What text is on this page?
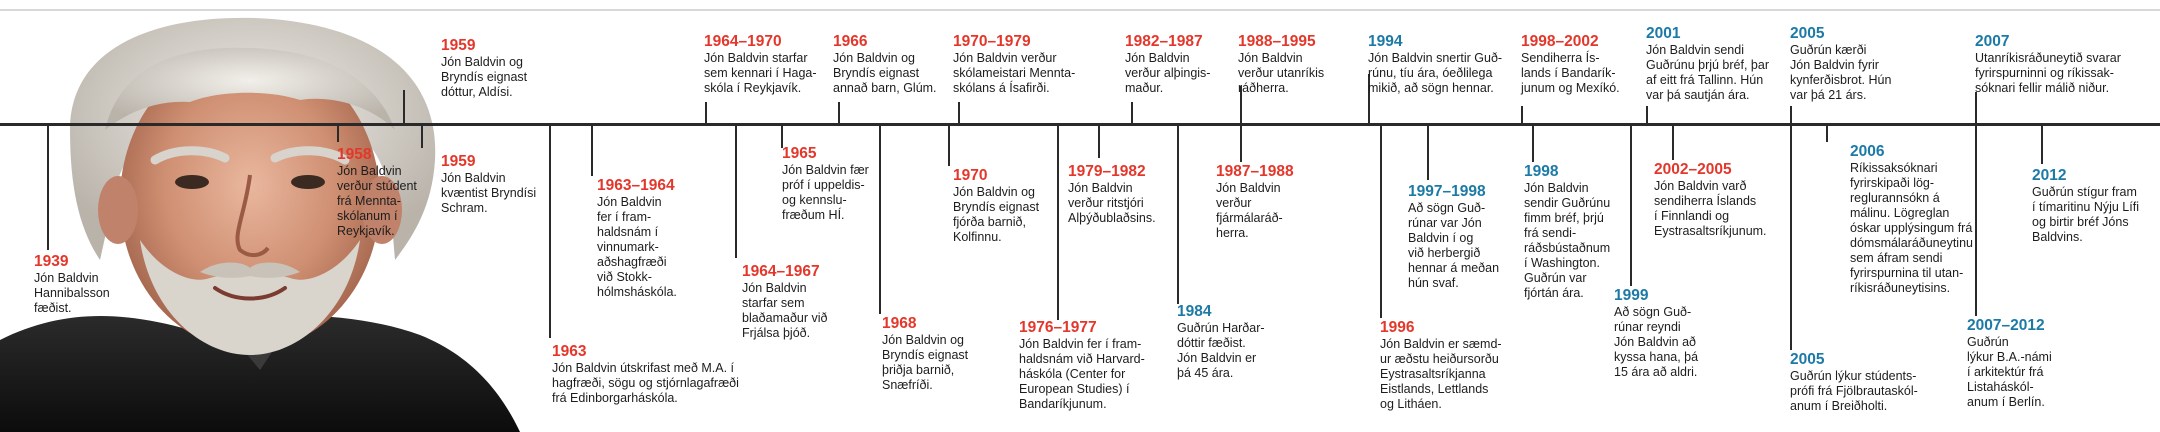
1939
Jón Baldvin
Hannibalsson
fæðist.
1958
Jón Baldvin
verður stúdent
frá Mennta-
skólanum í
Reykjavík.
1959
Jón Baldvin og
Bryndís eignast
dóttur, Aldísi.
1959
Jón Baldvin
kvæntist Bryndísi
Schram.
1963
Jón Baldvin útskrifast með M.A. í
hagfræði, sögu og stjórnlagafræði
frá Edinborgarháskóla.
1963–1964
Jón Baldvin
fer í fram-
haldsnám í
vinnumark-
aðshagfræði
við Stokk-
hólmsháskóla.
1964–1970
Jón Baldvin starfar
sem kennari í Haga-
skóla í Reykjavík.
1964–1967
Jón Baldvin
starfar sem
blaðamaður við
Frjálsa þjóð.
1965
Jón Baldvin fær
próf í uppeldis-
og kennslu-
fræðum HÍ.
1966
Jón Baldvin og
Bryndís eignast
annað barn, Glúm.
1968
Jón Baldvin og
Bryndís eignast
þriðja barnið,
Snæfríði.
1970
Jón Baldvin og
Bryndís eignast
fjórða barnið,
Kolfinnu.
1970–1979
Jón Baldvin verður
skólameistari Mennta-
skólans á Ísafirði.
1976–1977
Jón Baldvin fer í fram-
haldsnám við Harvard-
háskóla (Center for
European Studies) í
Bandaríkjunum.
1979–1982
Jón Baldvin
verður ritstjóri
Alþýðublaðsins.
1982–1987
Jón Baldvin
verður alþingis-
maður.
1984
Guðrún Harðar-
dóttir fæðist.
Jón Baldvin er
þá 45 ára.
1987–1988
Jón Baldvin
verður
fjármálaráð-
herra.
1988–1995
Jón Baldvin
verður utanríkis
ráðherra.
1994
Jón Baldvin snertir Guð-
rúnu, tíu ára, óeðlilega
mikið, að sögn hennar.
1996
Jón Baldvin er sæmd-
ur æðstu heiðursorðu
Eystrasaltsríkjanna
Eistlands, Lettlands
og Litháen.
1997–1998
Að sögn Guð-
rúnar var Jón
Baldvin í og
við herbergið
hennar á meðan
hún svaf.
1998
Jón Baldvin
sendir Guðrúnu
fimm bréf, þrjú
frá sendi-
ráðsbústaðnum
í Washington.
Guðrún var
fjórtán ára.
1998–2002
Sendiherra Ís-
lands í Bandarík-
junum og Mexíkó.
1999
Að sögn Guð-
rúnar reyndi
Jón Baldvin að
kyssa hana, þá
15 ára að aldri.
2001
Jón Baldvin sendi
Guðrúnu þrjú bréf, þar
af eitt frá Tallinn. Hún
var þá sautján ára.
2002–2005
Jón Baldvin varð
sendiherra Íslands
í Finnlandi og
Eystrasaltsríkjunum.
2005
Guðrún kærði
Jón Baldvin fyrir
kynferðisbrot. Hún
var þá 21 árs.
2005
Guðrún lýkur stúdents-
prófi frá Fjölbrautaskól-
anum í Breiðholti.
2006
Ríkissaksóknari
fyrirskipaði lög-
reglurannsókn á
málinu. Lögreglan
óskar upplýsingum frá
dómsmálaráðuneytinu
sem áfram sendi
fyrirspurnina til utan-
ríkisráðuneytisins.
2007
Utanríkisráðuneytið svarar
fyrirspurninni og ríkissak-
sóknari fellir málið niður.
2007–2012
Guðrún
lýkur B.A.-námi
í arkitektúr frá
Listaháskól-
anum í Berlín.
2012
Guðrún stígur fram
í tímaritinu Nýju Lífi
og birtir bréf Jóns
Baldvins.
